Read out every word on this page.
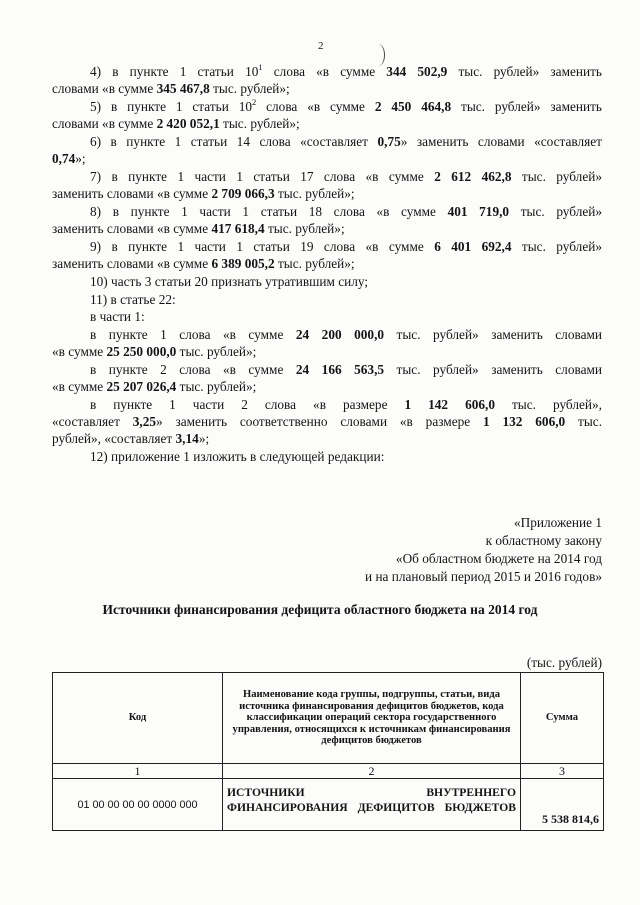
2
4) в пункте 1 статьи $10^1$ слова «в сумме 344 502,9 тыс. рублей» заменить
словами «в сумме 345 467,8 тыс. рублей»;
5) в пункте 1 статьи $10^2$ слова «в сумме 2 450 464,8 тыс. рублей» заменить
словами «в сумме 2 420 052,1 тыс. рублей»;
6) в пункте 1 статьи 14 слова «составляет 0,75» заменить словами «составляет
0,74»;
7) в пункте 1 части 1 статьи 17 слова «в сумме 2 612 462,8 тыс. рублей»
заменить словами «в сумме 2 709 066,3 тыс. рублей»;
8) в пункте 1 части 1 статьи 18 слова «в сумме 401 719,0 тыс. рублей»
заменить словами «в сумме 417 618,4 тыс. рублей»;
9) в пункте 1 части 1 статьи 19 слова «в сумме 6 401 692,4 тыс. рублей»
заменить словами «в сумме 6 389 005,2 тыс. рублей»;
10) часть 3 статьи 20 признать утратившим силу;
11) в статье 22:
в части 1:
в пункте 1 слова «в сумме 24 200 000,0 тыс. рублей» заменить словами
«в сумме 25 250 000,0 тыс. рублей»;
в пункте 2 слова «в сумме 24 166 563,5 тыс. рублей» заменить словами
«в сумме 25 207 026,4 тыс. рублей»;
в пункте 1 части 2 слова «в размере 1 142 606,0 тыс. рублей»,
«составляет 3,25» заменить соответственно словами «в размере 1 132 606,0 тыс.
рублей», «составляет 3,14»;
12) приложение 1 изложить в следующей редакции:
«Приложение 1
к областному закону
«Об областном бюджете на 2014 год
и на плановый период 2015 и 2016 годов»
Источники финансирования дефицита областного бюджета на 2014 год
(тыс. рублей)
Код
Наименование кода группы, подгруппы, статьи, вида источника финансирования дефицитов бюджетов, кода классификации операций сектора государственного управления, относящихся к источникам финансирования дефицитов бюджетов
Сумма
1	2	3
01 00 00 00 00 0000 000
ИСТОЧНИКИ ВНУТРЕННЕГО ФИНАНСИРОВАНИЯ ДЕФИЦИТОВ БЮДЖЕТОВ
5 538 814,6
